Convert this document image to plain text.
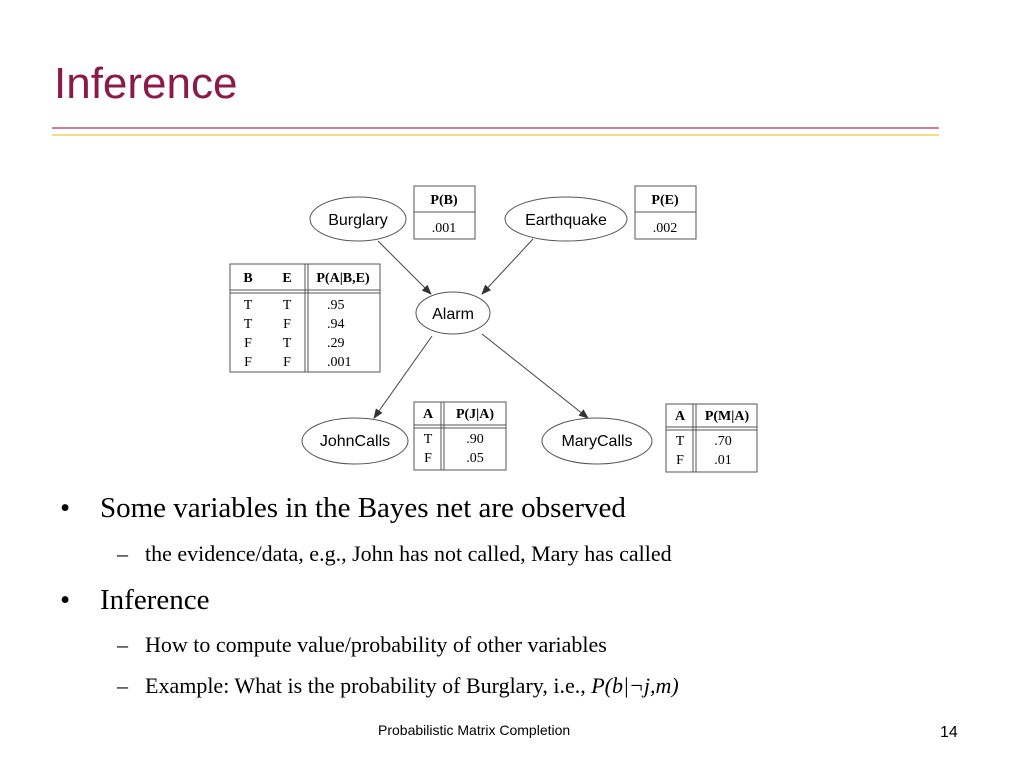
Inference
Burglary	Earthquake
Alarm
JohnCalls	MaryCalls
P(B)
.001
P(E)
.002
B E P(A|B,E)
T T	.95
T F	.94
F T	.29
F F	.001
A P(J|A)
T .90
F .05
A P(M|A)
T .70
F .01
• Some variables in the Bayes net are observed
– the evidence/data, e.g., John has not called, Mary has called
• Inference
– How to compute value/probability of other variables
– Example: What is the probability of Burglary, i.e., P(b|¬j,m)
Probabilistic Matrix Completion	14
